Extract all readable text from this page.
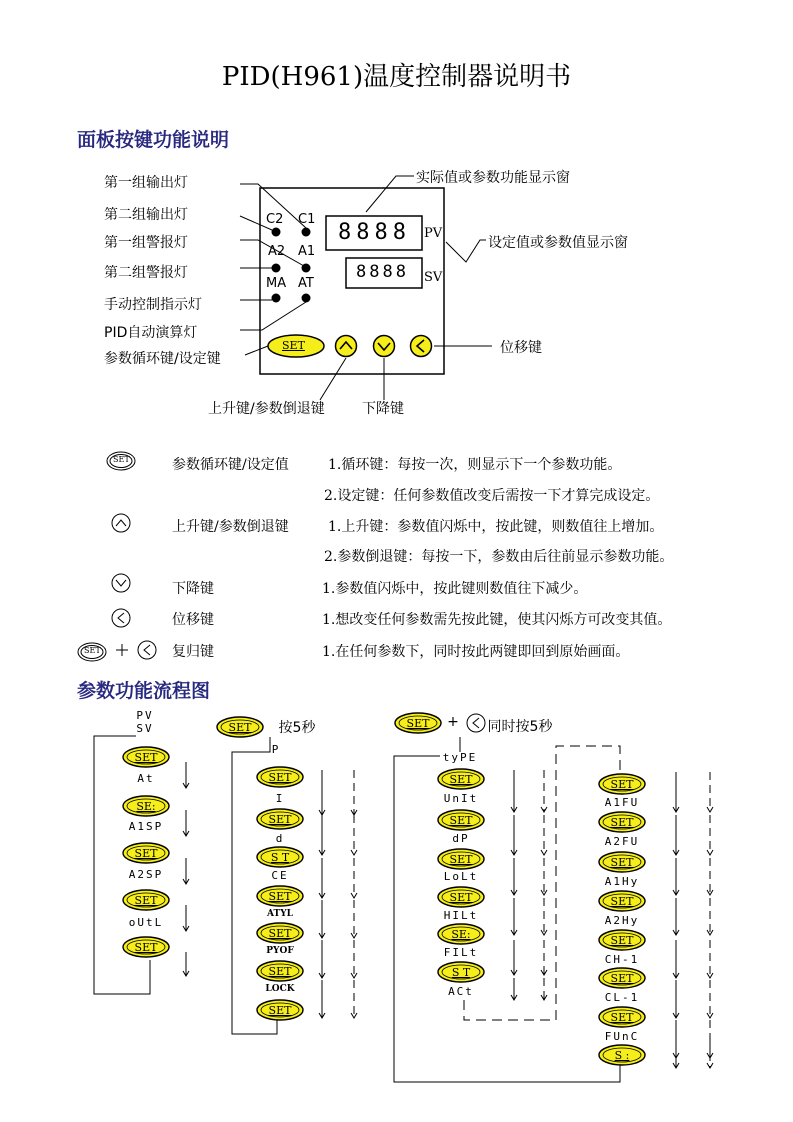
PID(H961)温度控制器说明书
面板按键功能说明
第一组输出灯
第二组输出灯
第一组警报灯
第二组警报灯
手动控制指示灯
PID自动演算灯
参数循环键/设定键
C2 C1
A2 A1
MA AT
8888 PV
8888 SV
SET
实际值或参数功能显示窗
设定值或参数值显示窗
位移键
上升键/参数倒退键	下降键
SET
SET
参数循环键/设定值	1.循环键：每按一次，则显示下一个参数功能。
2.设定键：任何参数值改变后需按一下才算完成设定。
上升键/参数倒退键	1.上升键：参数值闪烁中，按此键，则数值往上增加。
2.参数倒退键：每按一下，参数由后往前显示参数功能。
下降键	1.参数值闪烁中，按此键则数值往下减少。
位移键	1.想改变任何参数需先按此键，使其闪烁方可改变其值。
复归键	1.在任何参数下，同时按此两键即回到原始画面。
参数功能流程图
SET
SE:
SET
SET
SET
SET
SET
SET
S T
SET
SET
SET
SET
SET
SET
SET
SET
SET
SE:
S T
SET
SET
SET
SET
SET
SET
SET
S :
PV
SV
At
A1SP
A2SP
oUtL
按5秒
P
I
d
CE
ATYL
PYOF
LOCK
+ 同时按5秒
tyPE
UnIt
dP
LoLt
HILt
FILt
ACt
A1FU
A2FU
A1Hy
A2Hy
CH-1
CL-1
FUnC
